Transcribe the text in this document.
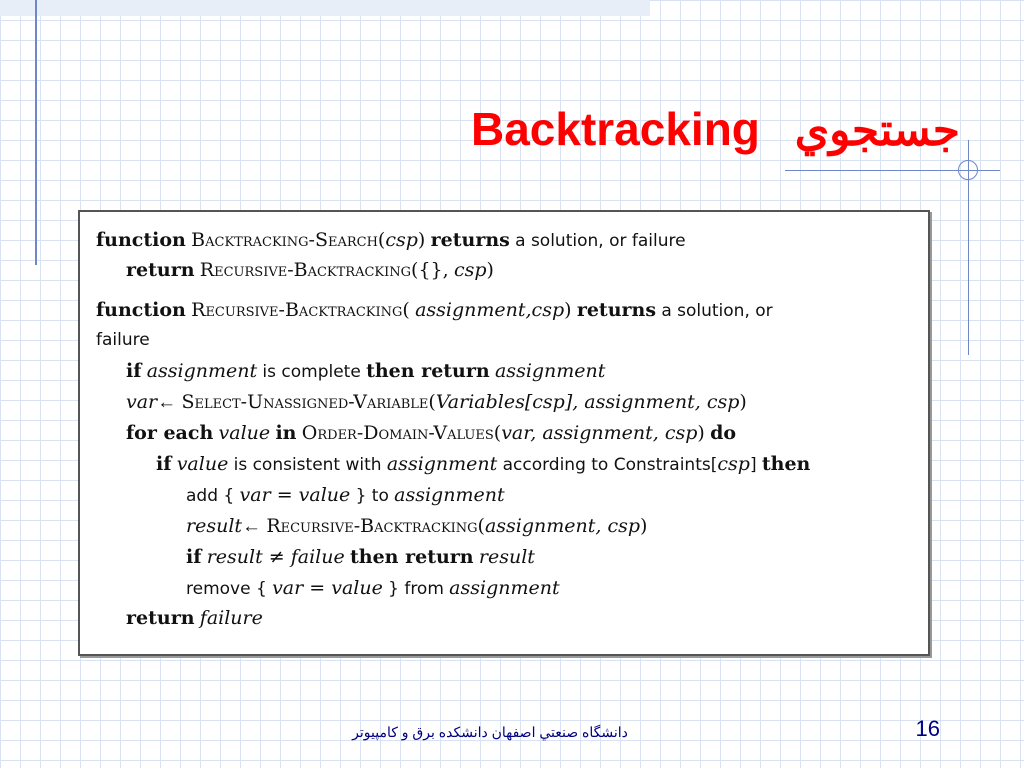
Backtracking جستجوي
function Backtracking-Search(csp) returns a solution, or failure
return Recursive-Backtracking({}, csp)
function Recursive-Backtracking( assignment,csp) returns a solution, or
failure
if assignment is complete then return assignment
var← Select-Unassigned-Variable(Variables[csp], assignment, csp)
for each value in Order-Domain-Values(var, assignment, csp) do
if value is consistent with assignment according to Constraints[csp] then
add { var = value } to assignment
result← Recursive-Backtracking(assignment, csp)
if result ≠ failue then return result
remove { var = value } from assignment
return failure
دانشگاه صنعتي اصفهان دانشكده برق و كامپيوتر	16
